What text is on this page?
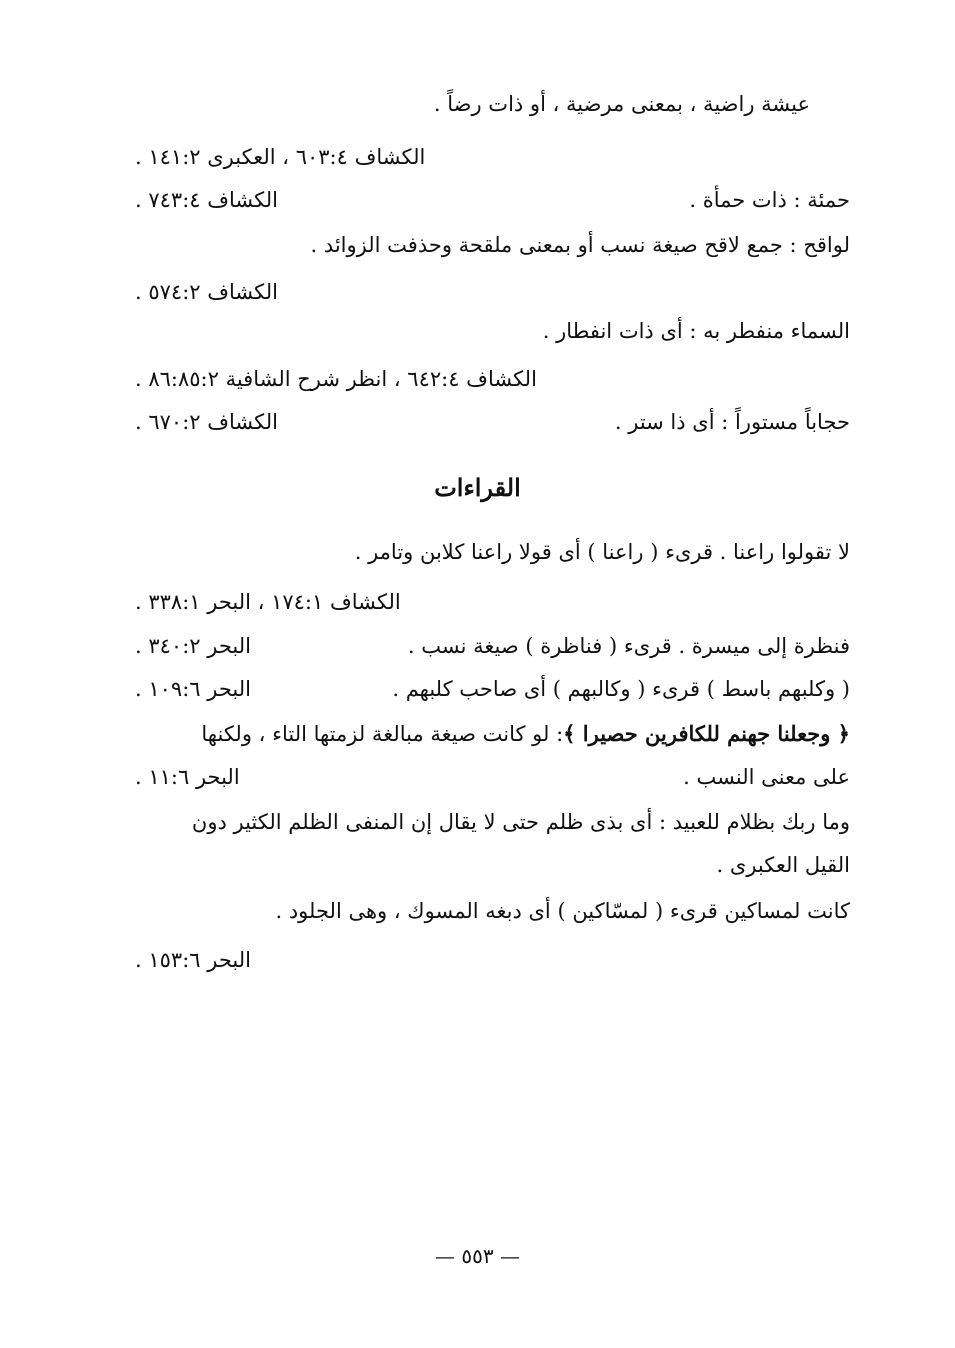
عيشة راضية ، بمعنى مرضية ، أو ذات رضاً .
الكشاف ٦٠٣:٤ ، العكبرى ١٤١:٢ .
حمئة : ذات حمأة .
الكشاف ٧٤٣:٤ .
لواقح : جمع لاقح صيغة نسب أو بمعنى ملقحة وحذفت الزوائد .
الكشاف ٥٧٤:٢ .
السماء منفطر به : أى ذات انفطار .
الكشاف ٦٤٢:٤ ، انظر شرح الشافية ٨٦:٨٥:٢ .
حجاباً مستوراً : أى ذا ستر .
الكشاف ٦٧٠:٢ .
القراءات
لا تقولوا راعنا . قرىء ( راعنا ) أى قولا راعنا كلابن وتامر .
الكشاف ١٧٤:١ ، البحر ٣٣٨:١ .
فنظرة إلى ميسرة . قرىء ( فناظرة ) صيغة نسب .
البحر ٣٤٠:٢ .
( وكلبهم باسط ) قرىء ( وكالبهم ) أى صاحب كلبهم .
البحر ١٠٩:٦ .
﴿ وجعلنا جهنم للكافرين حصيرا ﴾: لو كانت صيغة مبالغة لزمتها التاء ، ولكنها
على معنى النسب .
البحر ١١:٦ .
وما ربك بظلام للعبيد : أى بذى ظلم حتى لا يقال إن المنفى الظلم الكثير دون
القيل العكبرى .
كانت لمساكين قرىء ( لمسّاكين ) أى دبغه المسوك ، وهى الجلود .
البحر ١٥٣:٦ .
— ٥٥٣ —
